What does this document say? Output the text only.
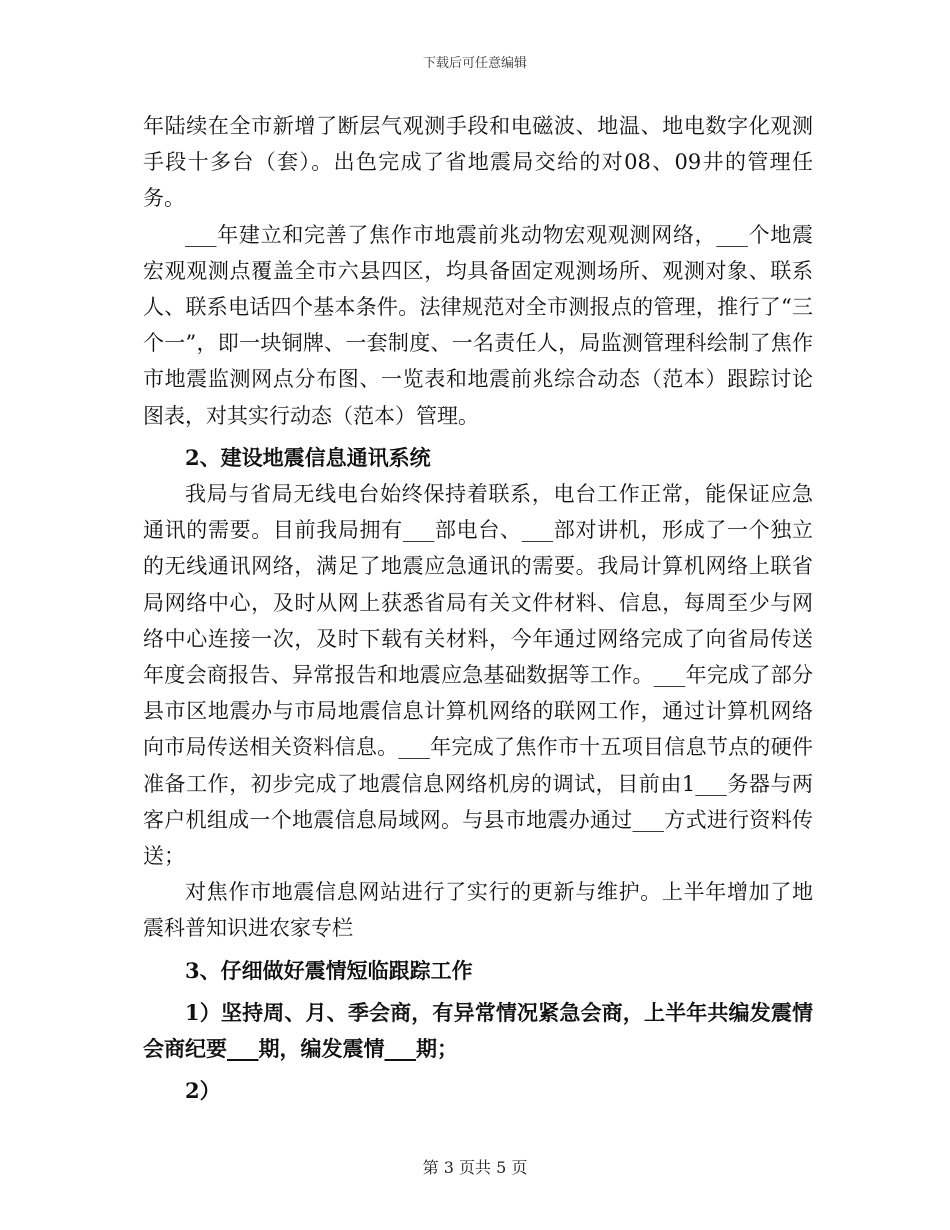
下载后可任意编辑

年陆续在全市新增了断层气观测手段和电磁波、地温、地电数字化观测手段十多台（套）。出色完成了省地震局交给的对08、09井的管理任务。

___年建立和完善了焦作市地震前兆动物宏观观测网络，___个地震宏观观测点覆盖全市六县四区，均具备固定观测场所、观测对象、联系人、联系电话四个基本条件。法律规范对全市测报点的管理，推行了“三个一”，即一块铜牌、一套制度、一名责任人，局监测管理科绘制了焦作市地震监测网点分布图、一览表和地震前兆综合动态（范本）跟踪讨论图表，对其实行动态（范本）管理。

2、建设地震信息通讯系统

我局与省局无线电台始终保持着联系，电台工作正常，能保证应急通讯的需要。目前我局拥有___部电台、___部对讲机，形成了一个独立的无线通讯网络，满足了地震应急通讯的需要。我局计算机网络上联省局网络中心，及时从网上获悉省局有关文件材料、信息，每周至少与网络中心连接一次，及时下载有关材料，今年通过网络完成了向省局传送年度会商报告、异常报告和地震应急基础数据等工作。___年完成了部分县市区地震办与市局地震信息计算机网络的联网工作，通过计算机网络向市局传送相关资料信息。___年完成了焦作市十五项目信息节点的硬件准备工作，初步完成了地震信息网络机房的调试，目前由1___务器与两客户机组成一个地震信息局域网。与县市地震办通过___方式进行资料传送；

对焦作市地震信息网站进行了实行的更新与维护。上半年增加了地震科普知识进农家专栏

3、仔细做好震情短临跟踪工作

1）坚持周、月、季会商，有异常情况紧急会商，上半年共编发震情会商纪要___期，编发震情___期；

2）

第 3 页共 5 页
